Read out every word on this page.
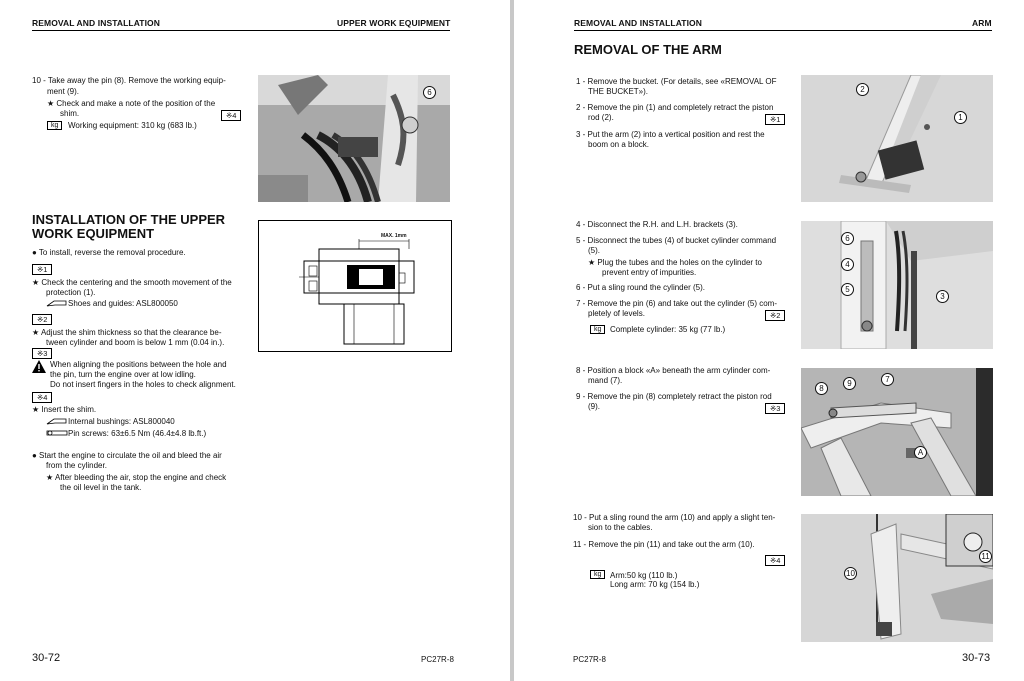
REMOVAL AND INSTALLATION	UPPER WORK EQUIPMENT
10 - Take away the pin (8). Remove the working equip-
ment (9).
★ Check and make a note of the position of the
shim.	※4
kg	Working equipment: 310 kg (683 lb.)
6
INSTALLATION OF THE UPPER
WORK EQUIPMENT
● To install, reverse the removal procedure.
※1
★ Check the centering and the smooth movement of the
protection (1).
Shoes and guides: ASL800050
※2
★ Adjust the shim thickness so that the clearance be-
tween cylinder and boom is below 1 mm (0.04 in.).
※3
When aligning the positions between the hole and
the pin, turn the engine over at low idling.
Do not insert fingers in the holes to check alignment.
※4
★ Insert the shim.
Internal bushings: ASL800040
Pin screws: 63±6.5 Nm (46.4±4.8 lb.ft.)
● Start the engine to circulate the oil and bleed the air
from the cylinder.
★ After bleeding the air, stop the engine and check
the oil level in the tank.
MAX. 1mm
30-72	PC27R-8
REMOVAL AND INSTALLATION	ARM
REMOVAL OF THE ARM
1 - Remove the bucket. (For details, see «REMOVAL OF
THE BUCKET»).
2 - Remove the pin (1) and completely retract the piston
rod (2).	※1
3 - Put the arm (2) into a vertical position and rest the
boom on a block.
2
1
4 - Disconnect the R.H. and L.H. brackets (3).
5 - Disconnect the tubes (4) of bucket cylinder command
(5).
★ Plug the tubes and the holes on the cylinder to
prevent entry of impurities.
6 - Put a sling round the cylinder (5).
7 - Remove the pin (6) and take out the cylinder (5) com-
pletely of levels.	※2
kg	Complete cylinder: 35 kg (77 lb.)
6
4
5
3
8 - Position a block «A» beneath the arm cylinder com-
mand (7).
9 - Remove the pin (8) completely retract the piston rod
(9).	※3
8
9	7
A
10 - Put a sling round the arm (10) and apply a slight ten-
sion to the cables.
11 - Remove the pin (11) and take out the arm (10).
※4
kg	Arm:50 kg (110 lb.)
Long arm: 70 kg (154 lb.)
11
10
PC27R-8	30-73
